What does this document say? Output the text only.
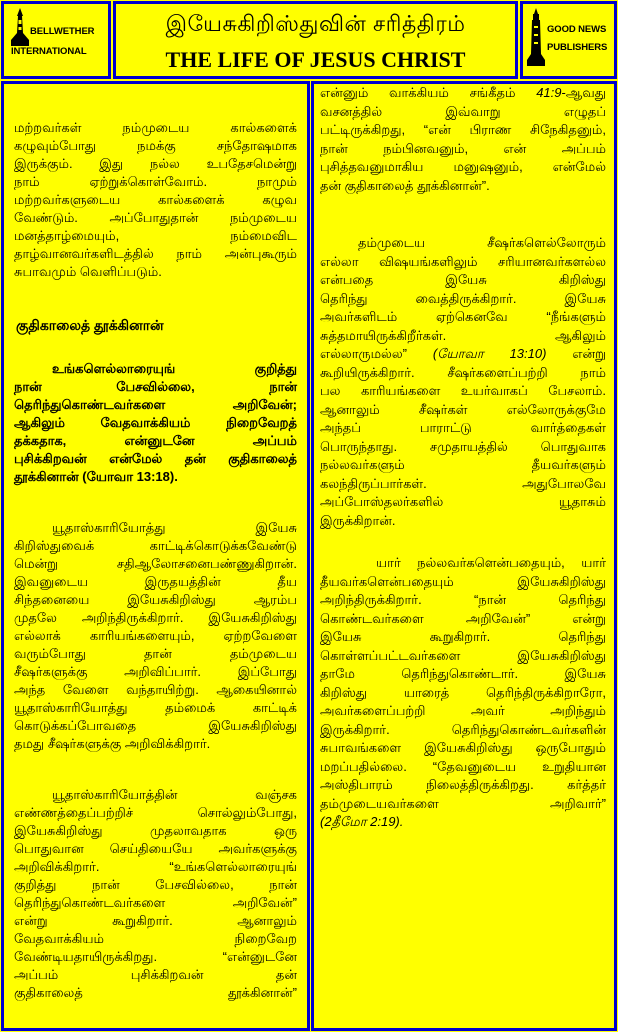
BELLWETHER
INTERNATIONAL
இயேசுகிறிஸ்துவின் சரித்திரம்
THE LIFE OF JESUS CHRIST
GOOD NEWS
PUBLISHERS
மற்றவர்கள் நம்முடைய கால்களைக்
கழுவும்போது நமக்கு சந்தோஷமாக
இருக்கும். இது நல்ல உபதேசமென்று
நாம் ஏற்றுக்கொள்வோம். நாமும்
மற்றவர்களுடைய கால்களைக் கழுவ
வேண்டும். அப்போதுதான் நம்முடைய
மனத்தாழ்மையும், நம்மைவிட
தாழ்வானவர்களிடத்தில் நாம் அன்புகூரும்
சுபாவமும் வெளிப்படும்.
குதிகாலைத் தூக்கினான்
உங்களெல்லாரையுங் குறித்து
நான் பேசவில்லை, நான்
தெரிந்துகொண்டவர்களை அறிவேன்;
ஆகிலும் வேதவாக்கியம் நிறைவேறத்
தக்கதாக, என்னுடனே அப்பம்
புசிக்கிறவன் என்மேல் தன் குதிகாலைத்
தூக்கினான் (யோவா 13:18).
யூதாஸ்காரியோத்து இயேசு
கிறிஸ்துவைக் காட்டிக்கொடுக்கவேண்டு
மென்று சதிஆலோசனைபண்ணுகிறான்.
இவனுடைய இருதயத்தின் தீய
சிந்தனையை இயேசுகிறிஸ்து ஆரம்ப
முதலே அறிந்திருக்கிறார். இயேசுகிறிஸ்து
எல்லாக் காரியங்களையும், ஏற்றவேளை
வரும்போது தான் தம்முடைய
சீஷர்களுக்கு அறிவிப்பார். இப்போது
அந்த வேளை வந்தாயிற்று. ஆகையினால்
யூதாஸ்காரியோத்து தம்மைக் காட்டிக்
கொடுக்கப்போவதை இயேசுகிறிஸ்து
தமது சீஷர்களுக்கு அறிவிக்கிறார்.
யூதாஸ்காரியோத்தின் வஞ்சக
எண்ணத்தைப்பற்றிச் சொல்லும்போது,
இயேசுகிறிஸ்து முதலாவதாக ஒரு
பொதுவான செய்தியையே அவர்களுக்கு
அறிவிக்கிறார். “உங்களெல்லாரையுங்
குறித்து நான் பேசவில்லை, நான்
தெரிந்துகொண்டவர்களை அறிவேன்”
என்று கூறுகிறார். ஆனாலும்
வேதவாக்கியம் நிறைவேற
வேண்டியதாயிருக்கிறது. “என்னுடனே
அப்பம் புசிக்கிறவன் தன்
குதிகாலைத் தூக்கினான்”
என்னும் வாக்கியம் சங்கீதம் 41:9-ஆவது
வசனத்தில் இவ்வாறு எழுதப்
பட்டிருக்கிறது, “என் பிராண சிநேகிதனும்,
நான் நம்பினவனும், என் அப்பம்
புசித்தவனுமாகிய மனுஷனும், என்மேல்
தன் குதிகாலைத் தூக்கினான்”.
தம்முடைய சீஷர்களெல்லோரும்
எல்லா விஷயங்களிலும் சரியானவர்களல்ல
என்பதை இயேசு கிறிஸ்து
தெரிந்து வைத்திருக்கிறார். இயேசு
அவர்களிடம் ஏற்கெனவே “நீங்களும்
சுத்தமாயிருக்கிறீர்கள். ஆகிலும்
எல்லாருமல்ல” (யோவா 13:10) என்று
கூறியிருக்கிறார். சீஷர்களைப்பற்றி நாம்
பல காரியங்களை உயர்வாகப் பேசலாம்.
ஆனாலும் சீஷர்கள் எல்லோருக்குமே
அந்தப் பாராட்டு வார்த்தைகள்
பொருந்தாது. சமுதாயத்தில் பொதுவாக
நல்லவர்களும் தீயவர்களும்
கலந்திருப்பார்கள். அதுபோலவே
அப்போஸ்தலர்களில் யூதாசும்
இருக்கிறான்.
யார் நல்லவர்களென்பதையும், யார்
தீயவர்களென்பதையும் இயேசுகிறிஸ்து
அறிந்திருக்கிறார். “நான் தெரிந்து
கொண்டவர்களை அறிவேன்” என்று
இயேசு கூறுகிறார். தெரிந்து
கொள்ளப்பட்டவர்களை இயேசுகிறிஸ்து
தாமே தெரிந்துகொண்டார். இயேசு
கிறிஸ்து யாரைத் தெரிந்திருக்கிறாரோ,
அவர்களைப்பற்றி அவர் அறிந்தும்
இருக்கிறார். தெரிந்துகொண்டவர்களின்
சுபாவங்களை இயேசுகிறிஸ்து ஒருபோதும்
மறப்பதில்லை. “தேவனுடைய உறுதியான
அஸ்திபாரம் நிலைத்திருக்கிறது. கர்த்தர்
தம்முடையவர்களை அறிவார்”
(2தீமோ 2:19).
